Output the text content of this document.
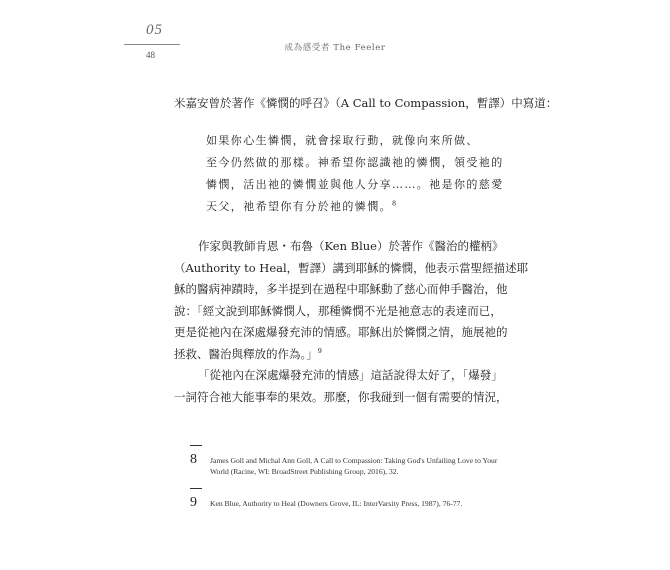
05
48
成為感受者 The Feeler

米嘉安曾於著作《憐憫的呼召》（A Call to Compassion，暫譯）中寫道：

如果你心生憐憫，就會採取行動，就像向來所做、
至今仍然做的那樣。神希望你認識祂的憐憫，領受祂的
憐憫，活出祂的憐憫並與他人分享……。祂是你的慈愛
天父，祂希望你有分於祂的憐憫。$^8$
作家與教師肯恩・布魯（Ken Blue）於著作《醫治的權柄》
（Authority to Heal，暫譯）講到耶穌的憐憫，他表示當聖經描述耶
穌的醫病神蹟時，多半提到在過程中耶穌動了慈心而伸手醫治，他
說：「經文說到耶穌憐憫人，那種憐憫不光是祂意志的表達而已，
更是從祂內在深處爆發充沛的情感。耶穌出於憐憫之情，施展祂的
拯救、醫治與釋放的作為。」$^9$
「從祂內在深處爆發充沛的情感」這話說得太好了，「爆發」
一詞符合祂大能事奉的果效。那麼，你我碰到一個有需要的情況，
8 James Goll and Michal Ann Goll, A Call to Compassion: Taking God's Unfailing Love to Your
World (Racine, WI: BroadStreet Publishing Group, 2016), 32.
9 Ken Blue, Authority to Heal (Downers Grove, IL: InterVarsity Press, 1987), 76-77.
